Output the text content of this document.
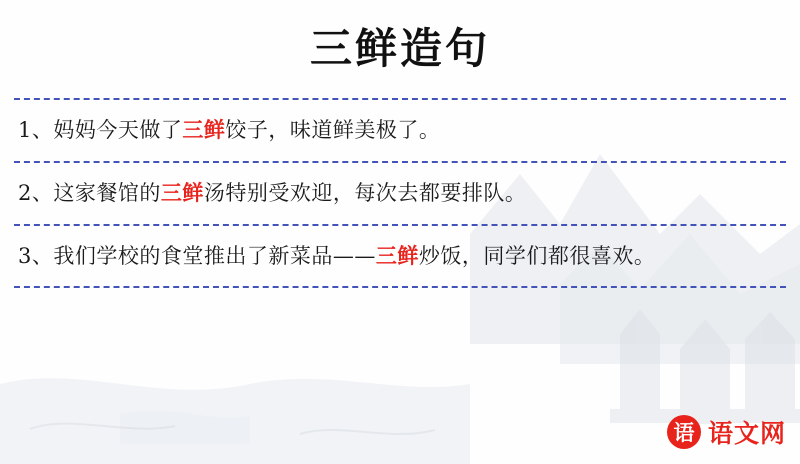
三鲜造句
1、妈妈今天做了三鲜饺子，味道鲜美极了。
2、这家餐馆的三鲜汤特别受欢迎，每次去都要排队。
3、我们学校的食堂推出了新菜品——三鲜炒饭，同学们都很喜欢。
语 语文网
